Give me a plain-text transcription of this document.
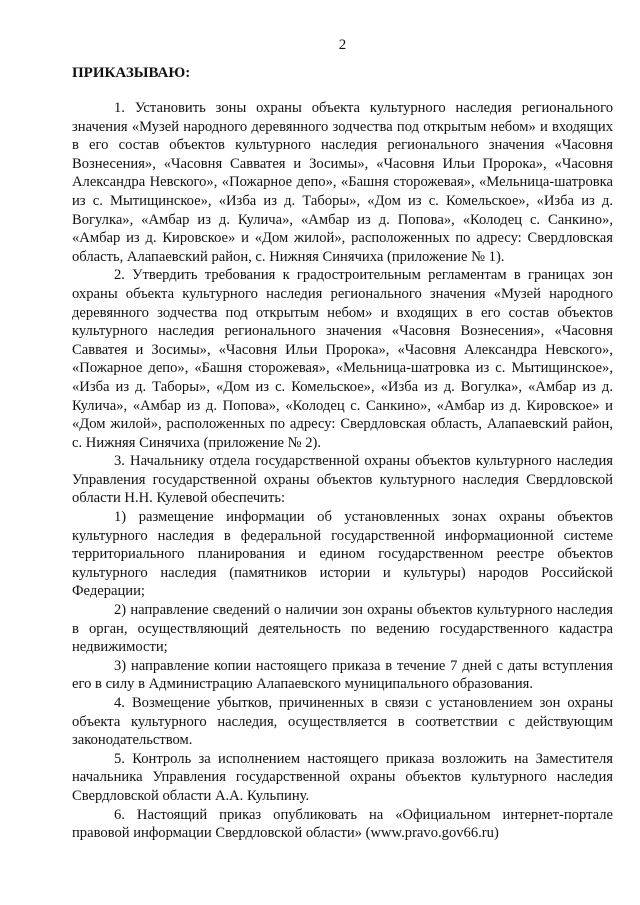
2
ПРИКАЗЫВАЮ:

1. Установить зоны охраны объекта культурного наследия регионального значения «Музей народного деревянного зодчества под открытым небом» и входящих в его состав объектов культурного наследия регионального значения «Часовня Вознесения», «Часовня Савватея и Зосимы», «Часовня Ильи Пророка», «Часовня Александра Невского», «Пожарное депо», «Башня сторожевая», «Мельница-шатровка из с. Мытищинское», «Изба из д. Таборы», «Дом из с. Комельское», «Изба из д. Вогулка», «Амбар из д. Кулича», «Амбар из д. Попова», «Колодец с. Санкино», «Амбар из д. Кировское» и «Дом жилой», расположенных по адресу: Свердловская область, Алапаевский район, с. Нижняя Синячиха (приложение № 1).

2. Утвердить требования к градостроительным регламентам в границах зон охраны объекта культурного наследия регионального значения «Музей народного деревянного зодчества под открытым небом» и входящих в его состав объектов культурного наследия регионального значения «Часовня Вознесения», «Часовня Савватея и Зосимы», «Часовня Ильи Пророка», «Часовня Александра Невского», «Пожарное депо», «Башня сторожевая», «Мельница-шатровка из с. Мытищинское», «Изба из д. Таборы», «Дом из с. Комельское», «Изба из д. Вогулка», «Амбар из д. Кулича», «Амбар из д. Попова», «Колодец с. Санкино», «Амбар из д. Кировское» и «Дом жилой», расположенных по адресу: Свердловская область, Алапаевский район, с. Нижняя Синячиха (приложение № 2).

3. Начальнику отдела государственной охраны объектов культурного наследия Управления государственной охраны объектов культурного наследия Свердловской области Н.Н. Кулевой обеспечить:

1) размещение информации об установленных зонах охраны объектов культурного наследия в федеральной государственной информационной системе территориального планирования и едином государственном реестре объектов культурного наследия (памятников истории и культуры) народов Российской Федерации;

2) направление сведений о наличии зон охраны объектов культурного наследия в орган, осуществляющий деятельность по ведению государственного кадастра недвижимости;

3) направление копии настоящего приказа в течение 7 дней с даты вступления его в силу в Администрацию Алапаевского муниципального образования.

4. Возмещение убытков, причиненных в связи с установлением зон охраны объекта культурного наследия, осуществляется в соответствии с действующим законодательством.

5. Контроль за исполнением настоящего приказа возложить на Заместителя начальника Управления государственной охраны объектов культурного наследия Свердловской области А.А. Кульпину.

6. Настоящий приказ опубликовать на «Официальном интернет-портале правовой информации Свердловской области» (www.pravo.gov66.ru)
